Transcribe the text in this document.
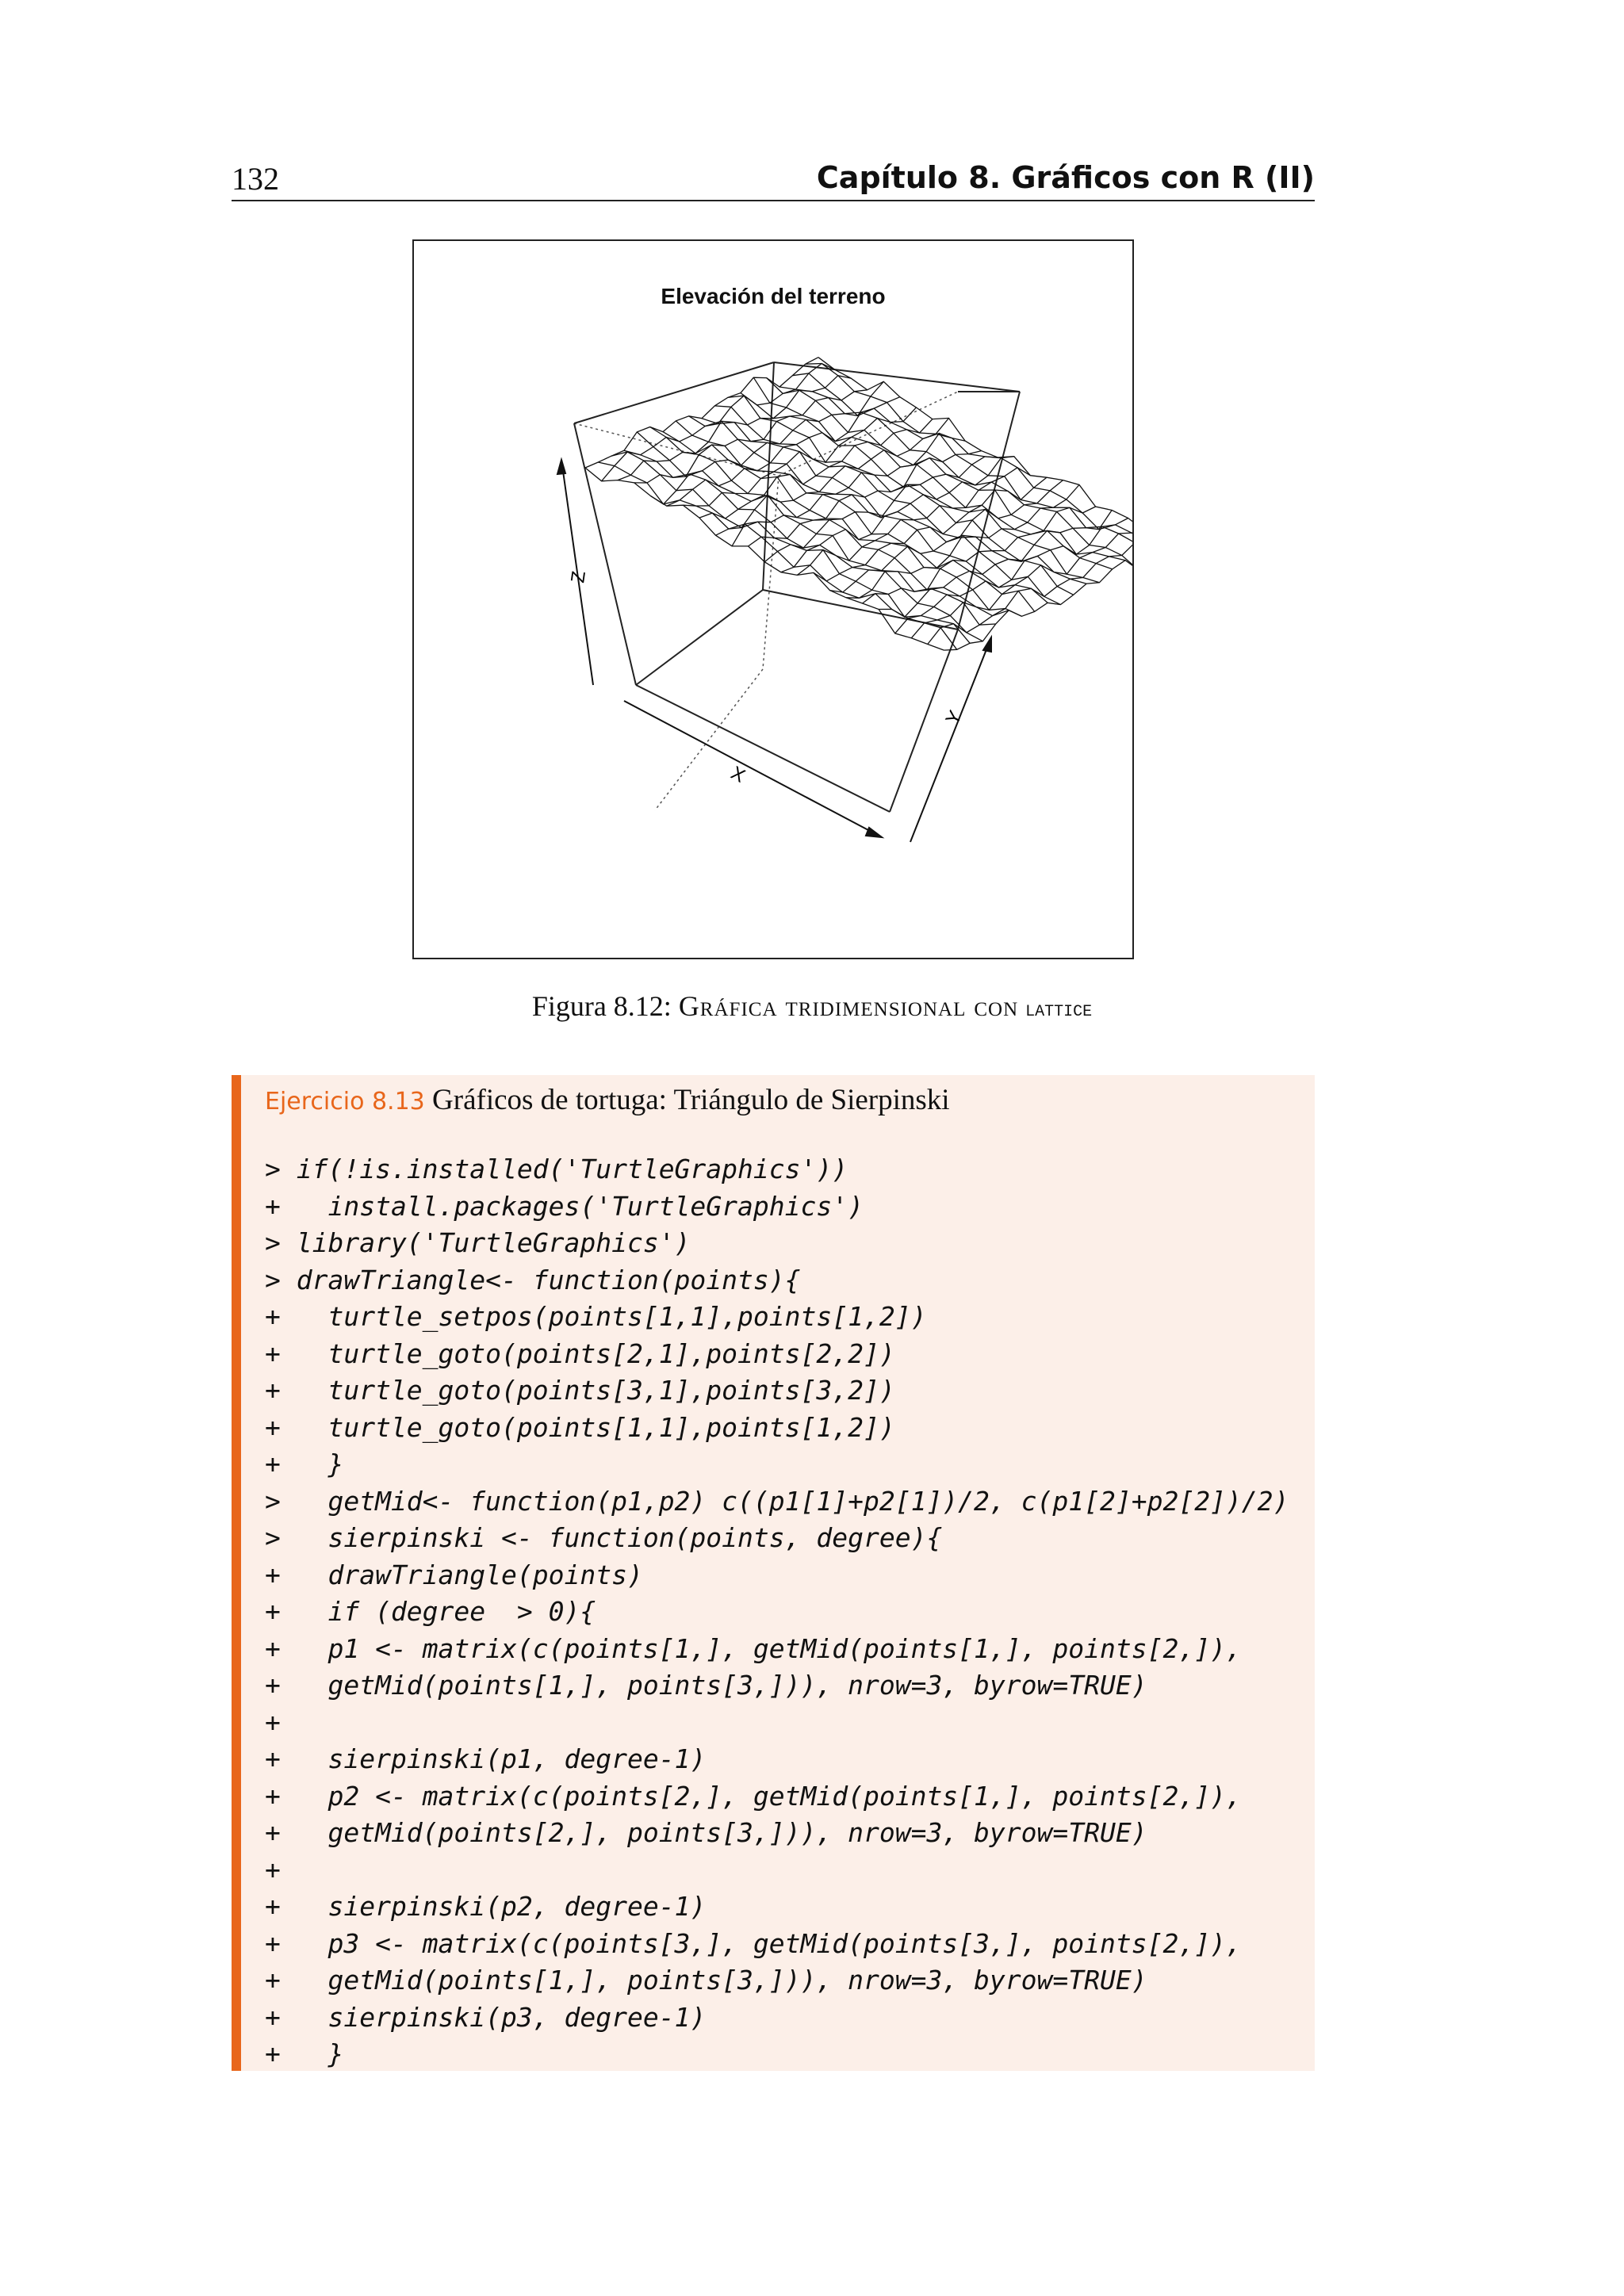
132	Capítulo 8. Gráficos con R (II)
Elevación del terreno
X
Y
Z
Figura 8.12: Gráfica tridimensional con lattice
Ejercicio 8.13 Gráficos de tortuga: Triángulo de Sierpinski
> if(!is.installed('TurtleGraphics'))
+   install.packages('TurtleGraphics')
> library('TurtleGraphics')
> drawTriangle<- function(points){
+   turtle_setpos(points[1,1],points[1,2])
+   turtle_goto(points[2,1],points[2,2])
+   turtle_goto(points[3,1],points[3,2])
+   turtle_goto(points[1,1],points[1,2])
+   }
>   getMid<- function(p1,p2) c((p1[1]+p2[1])/2, c(p1[2]+p2[2])/2)
>   sierpinski <- function(points, degree){
+   drawTriangle(points)
+   if (degree  > 0){
+   p1 <- matrix(c(points[1,], getMid(points[1,], points[2,]),
+   getMid(points[1,], points[3,])), nrow=3, byrow=TRUE)
+
+   sierpinski(p1, degree-1)
+   p2 <- matrix(c(points[2,], getMid(points[1,], points[2,]),
+   getMid(points[2,], points[3,])), nrow=3, byrow=TRUE)
+
+   sierpinski(p2, degree-1)
+   p3 <- matrix(c(points[3,], getMid(points[3,], points[2,]),
+   getMid(points[1,], points[3,])), nrow=3, byrow=TRUE)
+   sierpinski(p3, degree-1)
+   }
